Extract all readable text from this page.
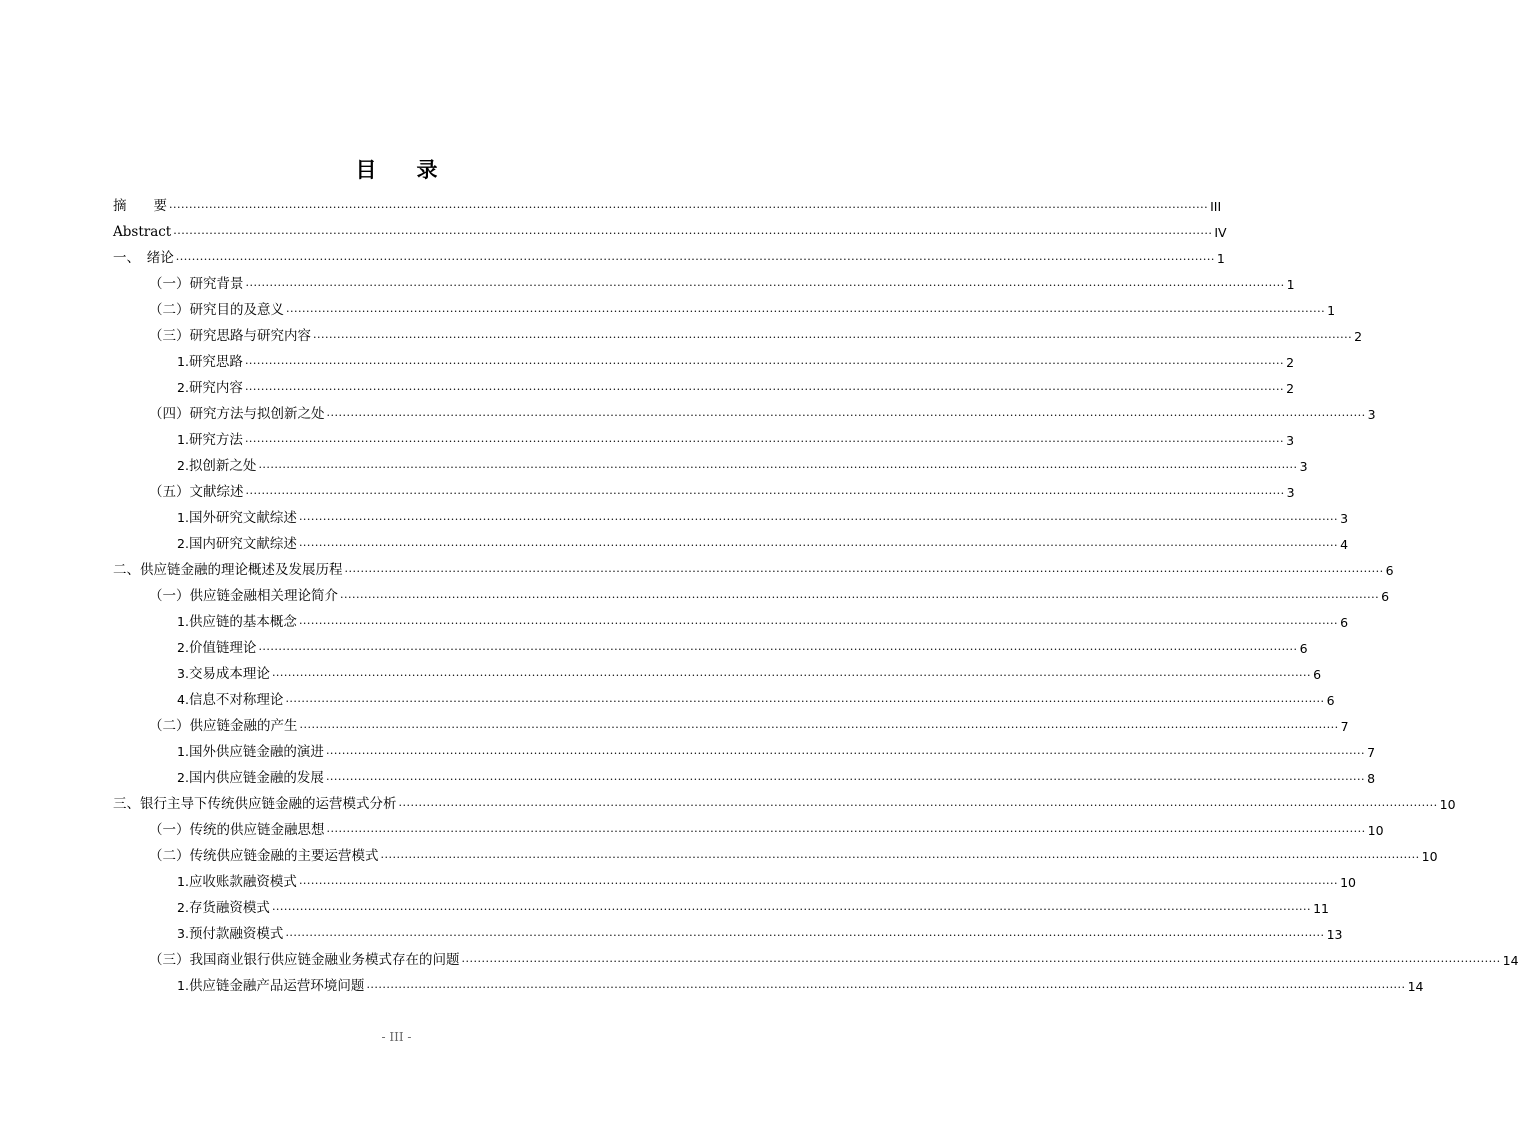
目 录
摘　　要 .................................................................................................................................................................................................................................................................... III
Abstract .................................................................................................................................................................................................................................................................... IV
一、　绪论 .................................................................................................................................................................................................................................................................... 1
（一）研究背景 .................................................................................................................................................................................................................................................................... 1
（二）研究目的及意义 .................................................................................................................................................................................................................................................................... 1
（三）研究思路与研究内容 .................................................................................................................................................................................................................................................................... 2
1.研究思路 .................................................................................................................................................................................................................................................................... 2
2.研究内容 .................................................................................................................................................................................................................................................................... 2
（四）研究方法与拟创新之处 .................................................................................................................................................................................................................................................................... 3
1.研究方法 .................................................................................................................................................................................................................................................................... 3
2.拟创新之处 .................................................................................................................................................................................................................................................................... 3
（五）文献综述 .................................................................................................................................................................................................................................................................... 3
1.国外研究文献综述 .................................................................................................................................................................................................................................................................... 3
2.国内研究文献综述 .................................................................................................................................................................................................................................................................... 4
二、供应链金融的理论概述及发展历程 .................................................................................................................................................................................................................................................................... 6
（一）供应链金融相关理论简介 .................................................................................................................................................................................................................................................................... 6
1.供应链的基本概念 .................................................................................................................................................................................................................................................................... 6
2.价值链理论 .................................................................................................................................................................................................................................................................... 6
3.交易成本理论 .................................................................................................................................................................................................................................................................... 6
4.信息不对称理论 .................................................................................................................................................................................................................................................................... 6
（二）供应链金融的产生 .................................................................................................................................................................................................................................................................... 7
1.国外供应链金融的演进 .................................................................................................................................................................................................................................................................... 7
2.国内供应链金融的发展 .................................................................................................................................................................................................................................................................... 8
三、银行主导下传统供应链金融的运营模式分析 .................................................................................................................................................................................................................................................................... 10
（一）传统的供应链金融思想 .................................................................................................................................................................................................................................................................... 10
（二）传统供应链金融的主要运营模式 .................................................................................................................................................................................................................................................................... 10
1.应收账款融资模式 .................................................................................................................................................................................................................................................................... 10
2.存货融资模式 .................................................................................................................................................................................................................................................................... 11
3.预付款融资模式 .................................................................................................................................................................................................................................................................... 13
（三）我国商业银行供应链金融业务模式存在的问题 .................................................................................................................................................................................................................................................................... 14
1.供应链金融产品运营环境问题 .................................................................................................................................................................................................................................................................... 14
- III -
